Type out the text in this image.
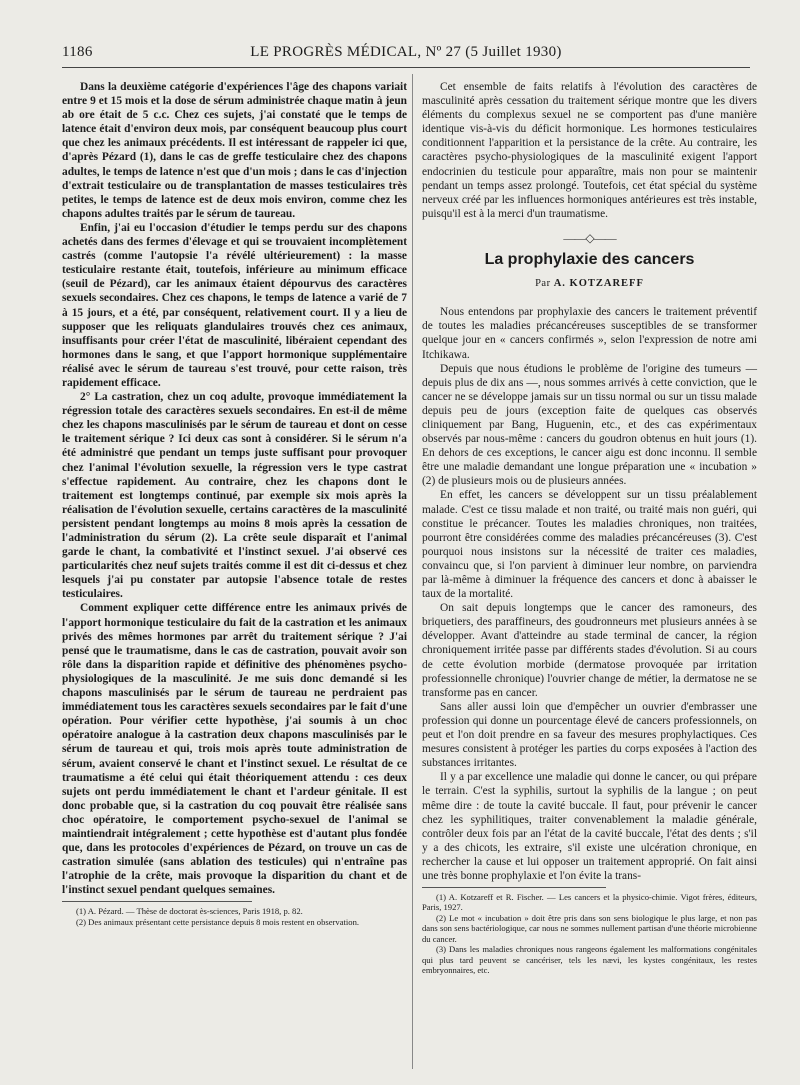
1186	LE PROGRÈS MÉDICAL, Nº 27 (5 Juillet 1930)

Dans la deuxième catégorie d'expériences l'âge des chapons variait entre 9 et 15 mois et la dose de sérum administrée chaque matin à jeun ab ore était de 5 c.c. Chez ces sujets, j'ai constaté que le temps de latence était d'environ deux mois, par conséquent beaucoup plus court que chez les animaux précédents. Il est intéressant de rappeler ici que, d'après Pézard (1), dans le cas de greffe testiculaire chez des chapons adultes, le temps de latence n'est que d'un mois ; dans le cas d'injection d'extrait testiculaire ou de transplantation de masses testiculaires très petites, le temps de latence est de deux mois environ, comme chez les chapons adultes traités par le sérum de taureau.

Enfin, j'ai eu l'occasion d'étudier le temps perdu sur des chapons achetés dans des fermes d'élevage et qui se trouvaient incomplètement castrés (comme l'autopsie l'a révélé ultérieurement) : la masse testiculaire restante était, toutefois, inférieure au minimum efficace (seuil de Pézard), car les animaux étaient dépourvus des caractères sexuels secondaires. Chez ces chapons, le temps de latence a varié de 7 à 15 jours, et a été, par conséquent, relativement court. Il y a lieu de supposer que les reliquats glandulaires trouvés chez ces animaux, insuffisants pour créer l'état de masculinité, libéraient cependant des hormones dans le sang, et que l'apport hormonique supplémentaire réalisé avec le sérum de taureau s'est trouvé, pour cette raison, très rapidement efficace.

2° La castration, chez un coq adulte, provoque immédiatement la régression totale des caractères sexuels secondaires. En est-il de même chez les chapons masculinisés par le sérum de taureau et dont on cesse le traitement sérique ? Ici deux cas sont à considérer. Si le sérum n'a été administré que pendant un temps juste suffisant pour provoquer chez l'animal l'évolution sexuelle, la régression vers le type castrat s'effectue rapidement. Au contraire, chez les chapons dont le traitement est longtemps continué, par exemple six mois après la réalisation de l'évolution sexuelle, certains caractères de la masculinité persistent pendant longtemps au moins 8 mois après la cessation de l'administration du sérum (2). La crête seule disparaît et l'animal garde le chant, la combativité et l'instinct sexuel. J'ai observé ces particularités chez neuf sujets traités comme il est dit ci-dessus et chez lesquels j'ai pu constater par autopsie l'absence totale de restes testiculaires.

Comment expliquer cette différence entre les animaux privés de l'apport hormonique testiculaire du fait de la castration et les animaux privés des mêmes hormones par arrêt du traitement sérique ? J'ai pensé que le traumatisme, dans le cas de castration, pouvait avoir son rôle dans la disparition rapide et définitive des phénomènes psycho-physiologiques de la masculinité. Je me suis donc demandé si les chapons masculinisés par le sérum de taureau ne perdraient pas immédiatement tous les caractères sexuels secondaires par le fait d'une opération. Pour vérifier cette hypothèse, j'ai soumis à un choc opératoire analogue à la castration deux chapons masculinisés par le sérum de taureau et qui, trois mois après toute administration de sérum, avaient conservé le chant et l'instinct sexuel. Le résultat de ce traumatisme a été celui qui était théoriquement attendu : ces deux sujets ont perdu immédiatement le chant et l'ardeur génitale. Il est donc probable que, si la castration du coq pouvait être réalisée sans choc opératoire, le comportement psycho-sexuel de l'animal se maintiendrait intégralement ; cette hypothèse est d'autant plus fondée que, dans les protocoles d'expériences de Pézard, on trouve un cas de castration simulée (sans ablation des testicules) qui n'entraîne pas l'atrophie de la crête, mais provoque la disparition du chant et de l'instinct sexuel pendant quelques semaines.

(1) A. Pézard. — Thèse de doctorat ès-sciences, Paris 1918, p. 82.

(2) Des animaux présentant cette persistance depuis 8 mois restent en observation.

Cet ensemble de faits relatifs à l'évolution des caractères de masculinité après cessation du traitement sérique montre que les divers éléments du complexus sexuel ne se comportent pas d'une manière identique vis-à-vis du déficit hormonique. Les hormones testiculaires conditionnent l'apparition et la persistance de la crête. Au contraire, les caractères psycho-physiologiques de la masculinité exigent l'apport endocrinien du testicule pour apparaître, mais non pour se maintenir pendant un temps assez prolongé. Toutefois, cet état spécial du système nerveux créé par les influences hormoniques antérieures est très instable, puisqu'il est à la merci d'un traumatisme.

——◇——
La prophylaxie des cancers
Par A. KOTZAREFF

Nous entendons par prophylaxie des cancers le traitement préventif de toutes les maladies précancéreuses susceptibles de se transformer quelque jour en « cancers confirmés », selon l'expression de notre ami Itchikawa.

Depuis que nous étudions le problème de l'origine des tumeurs — depuis plus de dix ans —, nous sommes arrivés à cette conviction, que le cancer ne se développe jamais sur un tissu normal ou sur un tissu malade depuis peu de jours (exception faite de quelques cas observés cliniquement par Bang, Huguenin, etc., et des cas expérimentaux observés par nous-même : cancers du goudron obtenus en huit jours (1). En dehors de ces exceptions, le cancer aigu est donc inconnu. Il semble être une maladie demandant une longue préparation une « incubation » (2) de plusieurs mois ou de plusieurs années.

En effet, les cancers se développent sur un tissu préalablement malade. C'est ce tissu malade et non traité, ou traité mais non guéri, qui constitue le précancer. Toutes les maladies chroniques, non traitées, pourront être considérées comme des maladies précancéreuses (3). C'est pourquoi nous insistons sur la nécessité de traiter ces maladies, convaincu que, si l'on parvient à diminuer leur nombre, on parviendra par là-même à diminuer la fréquence des cancers et donc à abaisser le taux de la mortalité.

On sait depuis longtemps que le cancer des ramoneurs, des briquetiers, des paraffineurs, des goudronneurs met plusieurs années à se développer. Avant d'atteindre au stade terminal de cancer, la région chroniquement irritée passe par différents stades d'évolution. Si au cours de cette évolution morbide (dermatose provoquée par irritation professionnelle chronique) l'ouvrier change de métier, la dermatose ne se transforme pas en cancer.

Sans aller aussi loin que d'empêcher un ouvrier d'embrasser une profession qui donne un pourcentage élevé de cancers professionnels, on peut et l'on doit prendre en sa faveur des mesures prophylactiques. Ces mesures consistent à protéger les parties du corps exposées à l'action des substances irritantes.

Il y a par excellence une maladie qui donne le cancer, ou qui prépare le terrain. C'est la syphilis, surtout la syphilis de la langue ; on peut même dire : de toute la cavité buccale. Il faut, pour prévenir le cancer chez les syphilitiques, traiter convenablement la maladie générale, contrôler deux fois par an l'état de la cavité buccale, l'état des dents ; s'il y a des chicots, les extraire, s'il existe une ulcération chronique, en rechercher la cause et lui opposer un traitement approprié. On fait ainsi une très bonne prophylaxie et l'on évite la trans-

(1) A. Kotzareff et R. Fischer. — Les cancers et la physico-chimie. Vigot frères, éditeurs, Paris, 1927.

(2) Le mot « incubation » doit être pris dans son sens biologique le plus large, et non pas dans son sens bactériologique, car nous ne sommes nullement partisan d'une théorie microbienne du cancer.

(3) Dans les maladies chroniques nous rangeons également les malformations congénitales qui plus tard peuvent se cancériser, tels les nævi, les kystes congénitaux, les restes embryonnaires, etc.
